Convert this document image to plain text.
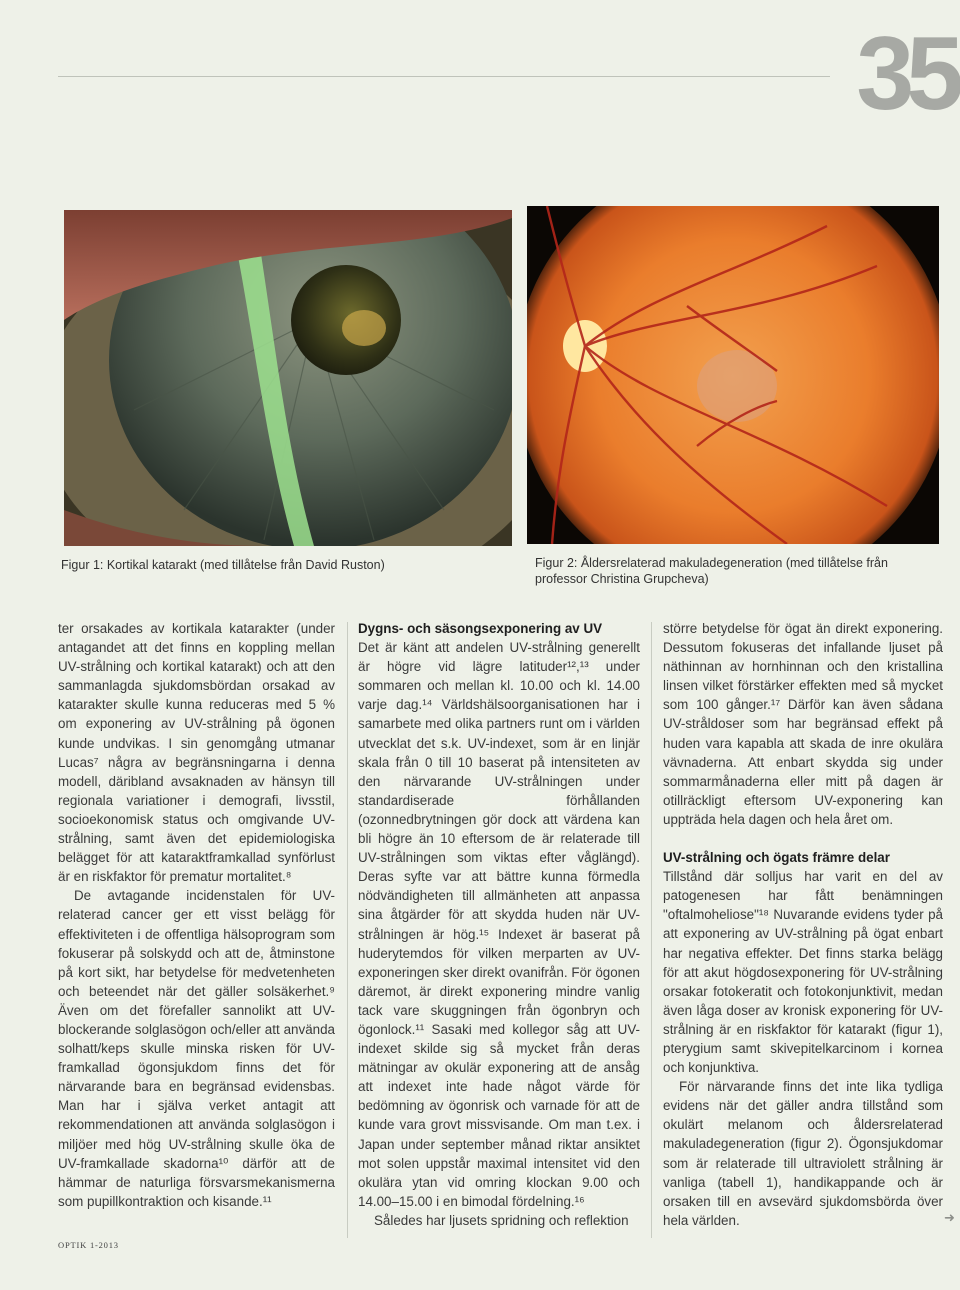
35
Figur 1: Kortikal katarakt (med tillåtelse från David Ruston)	Figur 2: Åldersrelaterad makuladegeneration (med tillåtelse från professor Christina Grupcheva)

ter orsakades av kortikala katarakter (under antagandet att det finns en koppling mellan UV-strålning och kortikal katarakt) och att den sammanlagda sjukdomsbördan orsakad av katarakter skulle kunna reduceras med 5 % om exponering av UV-strålning på ögonen kunde undvikas. I sin genomgång utmanar Lucas⁷ några av begränsningarna i denna modell, däribland avsaknaden av hänsyn till regionala variationer i demografi, livsstil, socioekonomisk status och omgivande UV-strålning, samt även det epidemiologiska belägget för att kataraktframkallad synförlust är en riskfaktor för prematur mortalitet.⁸

De avtagande incidenstalen för UV-relaterad cancer ger ett visst belägg för effektiviteten i de offentliga hälsoprogram som fokuserar på solskydd och att de, åtminstone på kort sikt, har betydelse för medvetenheten och beteendet när det gäller solsäkerhet.⁹ Även om det förefaller sannolikt att UV-blockerande solglasögon och/eller att använda solhatt/keps skulle minska risken för UV-framkallad ögonsjukdom finns det för närvarande bara en begränsad evidensbas. Man har i själva verket antagit att rekommendationen att använda solglasögon i miljöer med hög UV-strålning skulle öka de UV-framkallade skadorna¹⁰ därför att de hämmar de naturliga försvarsmekanismerna som pupillkontraktion och kisande.¹¹

Dygns- och säsongsexponering av UV

Det är känt att andelen UV-strålning generellt är högre vid lägre latituder¹²,¹³ under sommaren och mellan kl. 10.00 och kl. 14.00 varje dag.¹⁴ Världshälsoorganisationen har i samarbete med olika partners runt om i världen utvecklat det s.k. UV-indexet, som är en linjär skala från 0 till 10 baserat på intensiteten av den närvarande UV-strålningen under standardiserade förhållanden (ozonnedbrytningen gör dock att värdena kan bli högre än 10 eftersom de är relaterade till UV-strålningen som viktas efter våglängd). Deras syfte var att bättre kunna förmedla nödvändigheten till allmänheten att anpassa sina åtgärder för att skydda huden när UV-strålningen är hög.¹⁵ Indexet är baserat på huderytemdos för vilken merparten av UV-exponeringen sker direkt ovanifrån. För ögonen däremot, är direkt exponering mindre vanlig tack vare skuggningen från ögonbryn och ögonlock.¹¹ Sasaki med kollegor såg att UV-indexet skilde sig så mycket från deras mätningar av okulär exponering att de ansåg att indexet inte hade något värde för bedömning av ögonrisk och varnade för att de kunde vara grovt missvisande. Om man t.ex. i Japan under september månad riktar ansiktet mot solen uppstår maximal intensitet vid den okulära ytan vid omring klockan 9.00 och 14.00–15.00 i en bimodal fördelning.¹⁶

Således har ljusets spridning och reflektion

större betydelse för ögat än direkt exponering. Dessutom fokuseras det infallande ljuset på näthinnan av hornhinnan och den kristallina linsen vilket förstärker effekten med så mycket som 100 gånger.¹⁷ Därför kan även sådana UV-stråldoser som har begränsad effekt på huden vara kapabla att skada de inre okulära vävnaderna. Att enbart skydda sig under sommarmånaderna eller mitt på dagen är otillräckligt eftersom UV-exponering kan uppträda hela dagen och hela året om.

UV-strålning och ögats främre delar

Tillstånd där solljus har varit en del av patogenesen har fått benämningen "oftalmoheliose"¹⁸ Nuvarande evidens tyder på att exponering av UV-strålning på ögat enbart har negativa effekter. Det finns starka belägg för att akut högdosexponering för UV-strålning orsakar fotokeratit och fotokonjunktivit, medan även låga doser av kronisk exponering för UV-strålning är en riskfaktor för katarakt (figur 1), pterygium samt skivepitelkarcinom i kornea och konjunktiva.

För närvarande finns det inte lika tydliga evidens när det gäller andra tillstånd som okulärt melanom och åldersrelaterad makuladegeneration (figur 2). Ögonsjukdomar som är relaterade till ultraviolett strålning är vanliga (tabell 1), handikappande och är orsaken till en avsevärd sjukdomsbörda över hela världen.

OPTIK 1-2013
➜
